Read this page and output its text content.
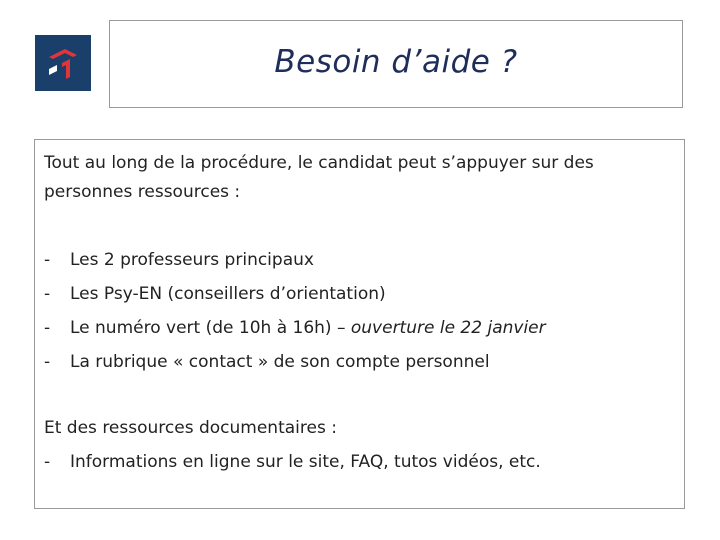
Besoin d’aide ?

Tout au long de la procédure, le candidat peut s’appuyer sur des personnes ressources :

-	Les 2 professeurs principaux
-	Les Psy-EN (conseillers d’orientation)
-	Le numéro vert (de 10h à 16h) – ouverture le 22 janvier
-	La rubrique « contact » de son compte personnel

Et des ressources documentaires :

-	Informations en ligne sur le site, FAQ, tutos vidéos, etc.
